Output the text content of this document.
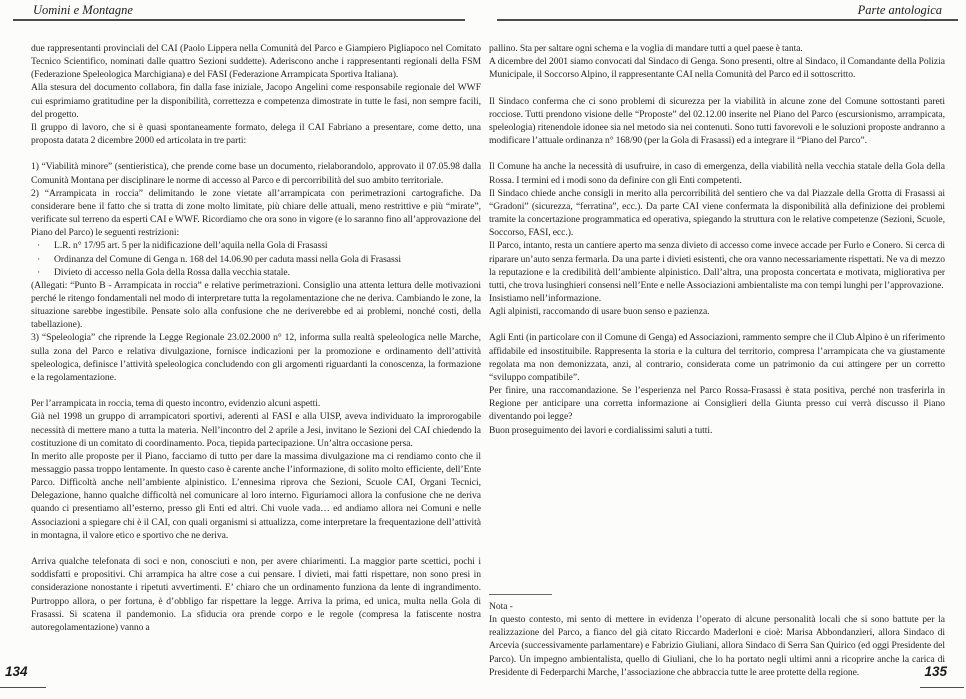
Uomini e Montagne	Parte antologica

due rappresentanti provinciali del CAI (Paolo Lippera nella Comunità del Parco e Giampiero Pigliapoco nel Comitato Tecnico Scientifico, nominati dalle quattro Sezioni suddette). Aderiscono anche i rappresentanti regionali della FSM (Federazione Speleologica Marchigiana) e del FASI (Federazione Arrampicata Sportiva Italiana).

Alla stesura del documento collabora, fin dalla fase iniziale, Jacopo Angelini come responsabile regionale del WWF cui esprimiamo gratitudine per la disponibilità, correttezza e competenza dimostrate in tutte le fasi, non sempre facili, del progetto.

Il gruppo di lavoro, che si è quasi spontaneamente formato, delega il CAI Fabriano a presentare, come detto, una proposta datata 2 dicembre 2000 ed articolata in tre parti:

1) “Viabilità minore” (sentieristica), che prende come base un documento, rielaborandolo, approvato il 07.05.98 dalla Comunità Montana per disciplinare le norme di accesso al Parco e di percorribilità del suo ambito territoriale.

2) “Arrampicata in roccia” delimitando le zone vietate all’arrampicata con perimetrazioni cartografiche. Da considerare bene il fatto che si tratta di zone molto limitate, più chiare delle attuali, meno restrittive e più “mirate”, verificate sul terreno da esperti CAI e WWF. Ricordiamo che ora sono in vigore (e lo saranno fino all’approvazione del Piano del Parco) le seguenti restrizioni:

· L.R. n° 17/95 art. 5 per la nidificazione dell’aquila nella Gola di Frasassi

· Ordinanza del Comune di Genga n. 168 del 14.06.90 per caduta massi nella Gola di Frasassi

· Divieto di accesso nella Gola della Rossa dalla vecchia statale.

(Allegati: “Punto B - Arrampicata in roccia” e relative perimetrazioni. Consiglio una attenta lettura delle motivazioni perché le ritengo fondamentali nel modo di interpretare tutta la regolamentazione che ne deriva. Cambiando le zone, la situazione sarebbe ingestibile. Pensate solo alla confusione che ne deriverebbe ed ai problemi, nonché costi, della tabellazione).

3) “Speleologia” che riprende la Legge Regionale 23.02.2000 n° 12, informa sulla realtà speleologica nelle Marche, sulla zona del Parco e relativa divulgazione, fornisce indicazioni per la promozione e ordinamento dell’attività speleologica, definisce l’attività speleologica concludendo con gli argomenti riguardanti la conoscenza, la formazione e la regolamentazione.

Per l’arrampicata in roccia, tema di questo incontro, evidenzio alcuni aspetti.

Già nel 1998 un gruppo di arrampicatori sportivi, aderenti al FASI e alla UISP, aveva individuato la improrogabile necessità di mettere mano a tutta la materia. Nell’incontro del 2 aprile a Jesi, invitano le Sezioni del CAI chiedendo la costituzione di un comitato di coordinamento. Poca, tiepida partecipazione. Un’altra occasione persa.

In merito alle proposte per il Piano, facciamo di tutto per dare la massima divulgazione ma ci rendiamo conto che il messaggio passa troppo lentamente. In questo caso è carente anche l’informazione, di solito molto efficiente, dell’Ente Parco. Difficoltà anche nell’ambiente alpinistico. L’ennesima riprova che Sezioni, Scuole CAI, Organi Tecnici, Delegazione, hanno qualche difficoltà nel comunicare al loro interno. Figuriamoci allora la confusione che ne deriva quando ci presentiamo all’esterno, presso gli Enti ed altri. Chi vuole vada… ed andiamo allora nei Comuni e nelle Associazioni a spiegare chi è il CAI, con quali organismi si attualizza, come interpretare la frequentazione dell’attività in montagna, il valore etico e sportivo che ne deriva.

Arriva qualche telefonata di soci e non, conosciuti e non, per avere chiarimenti. La maggior parte scettici, pochi i soddisfatti e propositivi. Chi arrampica ha altre cose a cui pensare. I divieti, mai fatti rispettare, non sono presi in considerazione nonostante i ripetuti avvertimenti. E’ chiaro che un ordinamento funziona da lente di ingrandimento. Purtroppo allora, o per fortuna, è d’obbligo far rispettare la legge. Arriva la prima, ed unica, multa nella Gola di Frasassi. Si scatena il pandemonio. La sfiducia ora prende corpo e le regole (compresa la fatiscente nostra autoregolamentazione) vanno a

pallino. Sta per saltare ogni schema e la voglia di mandare tutti a quel paese è tanta.

A dicembre del 2001 siamo convocati dal Sindaco di Genga. Sono presenti, oltre al Sindaco, il Comandante della Polizia Municipale, il Soccorso Alpino, il rappresentante CAI nella Comunità del Parco ed il sottoscritto.

Il Sindaco conferma che ci sono problemi di sicurezza per la viabilità in alcune zone del Comune sottostanti pareti rocciose. Tutti prendono visione delle “Proposte” del 02.12.00 inserite nel Piano del Parco (escursionismo, arrampicata, speleologia) ritenendole idonee sia nel metodo sia nei contenuti. Sono tutti favorevoli e le soluzioni proposte andranno a modificare l’attuale ordinanza n° 168/90 (per la Gola di Frasassi) ed a integrare il “Piano del Parco”.

Il Comune ha anche la necessità di usufruire, in caso di emergenza, della viabilità nella vecchia statale della Gola della Rossa. I termini ed i modi sono da definire con gli Enti competenti.

Il Sindaco chiede anche consigli in merito alla percorribilità del sentiero che va dal Piazzale della Grotta di Frasassi ai “Gradoni” (sicurezza, “ferratina”, ecc.). Da parte CAI viene confermata la disponibilità alla definizione dei problemi tramite la concertazione programmatica ed operativa, spiegando la struttura con le relative competenze (Sezioni, Scuole, Soccorso, FASI, ecc.).

Il Parco, intanto, resta un cantiere aperto ma senza divieto di accesso come invece accade per Furlo e Conero. Si cerca di riparare un’auto senza fermarla. Da una parte i divieti esistenti, che ora vanno necessariamente rispettati. Ne va di mezzo la reputazione e la credibilità dell’ambiente alpinistico. Dall’altra, una proposta concertata e motivata, migliorativa per tutti, che trova lusinghieri consensi nell’Ente e nelle Associazioni ambientaliste ma con tempi lunghi per l’approvazione.

Insistiamo nell’informazione.

Agli alpinisti, raccomando di usare buon senso e pazienza.

Agli Enti (in particolare con il Comune di Genga) ed Associazioni, rammento sempre che il Club Alpino è un riferimento affidabile ed insostituibile. Rappresenta la storia e la cultura del territorio, compresa l’arrampicata che va giustamente regolata ma non demonizzata, anzi, al contrario, considerata come un patrimonio da cui attingere per un corretto “sviluppo compatibile”.

Per finire, una raccomandazione. Se l’esperienza nel Parco Rossa-Frasassi è stata positiva, perché non trasferirla in Regione per anticipare una corretta informazione ai Consiglieri della Giunta presso cui verrà discusso il Piano diventando poi legge?

Buon proseguimento dei lavori e cordialissimi saluti a tutti.

Nota -

In questo contesto, mi sento di mettere in evidenza l’operato di alcune personalità locali che si sono battute per la realizzazione del Parco, a fianco del già citato Riccardo Maderloni e cioè: Marisa Abbondanzieri, allora Sindaco di Arcevia (successivamente parlamentare) e Fabrizio Giuliani, allora Sindaco di Serra San Quirico (ed oggi Presidente del Parco). Un impegno ambientalista, quello di Giuliani, che lo ha portato negli ultimi anni a ricoprire anche la carica di Presidente di Federparchi Marche, l’associazione che abbraccia tutte le aree protette della regione.

134	135
